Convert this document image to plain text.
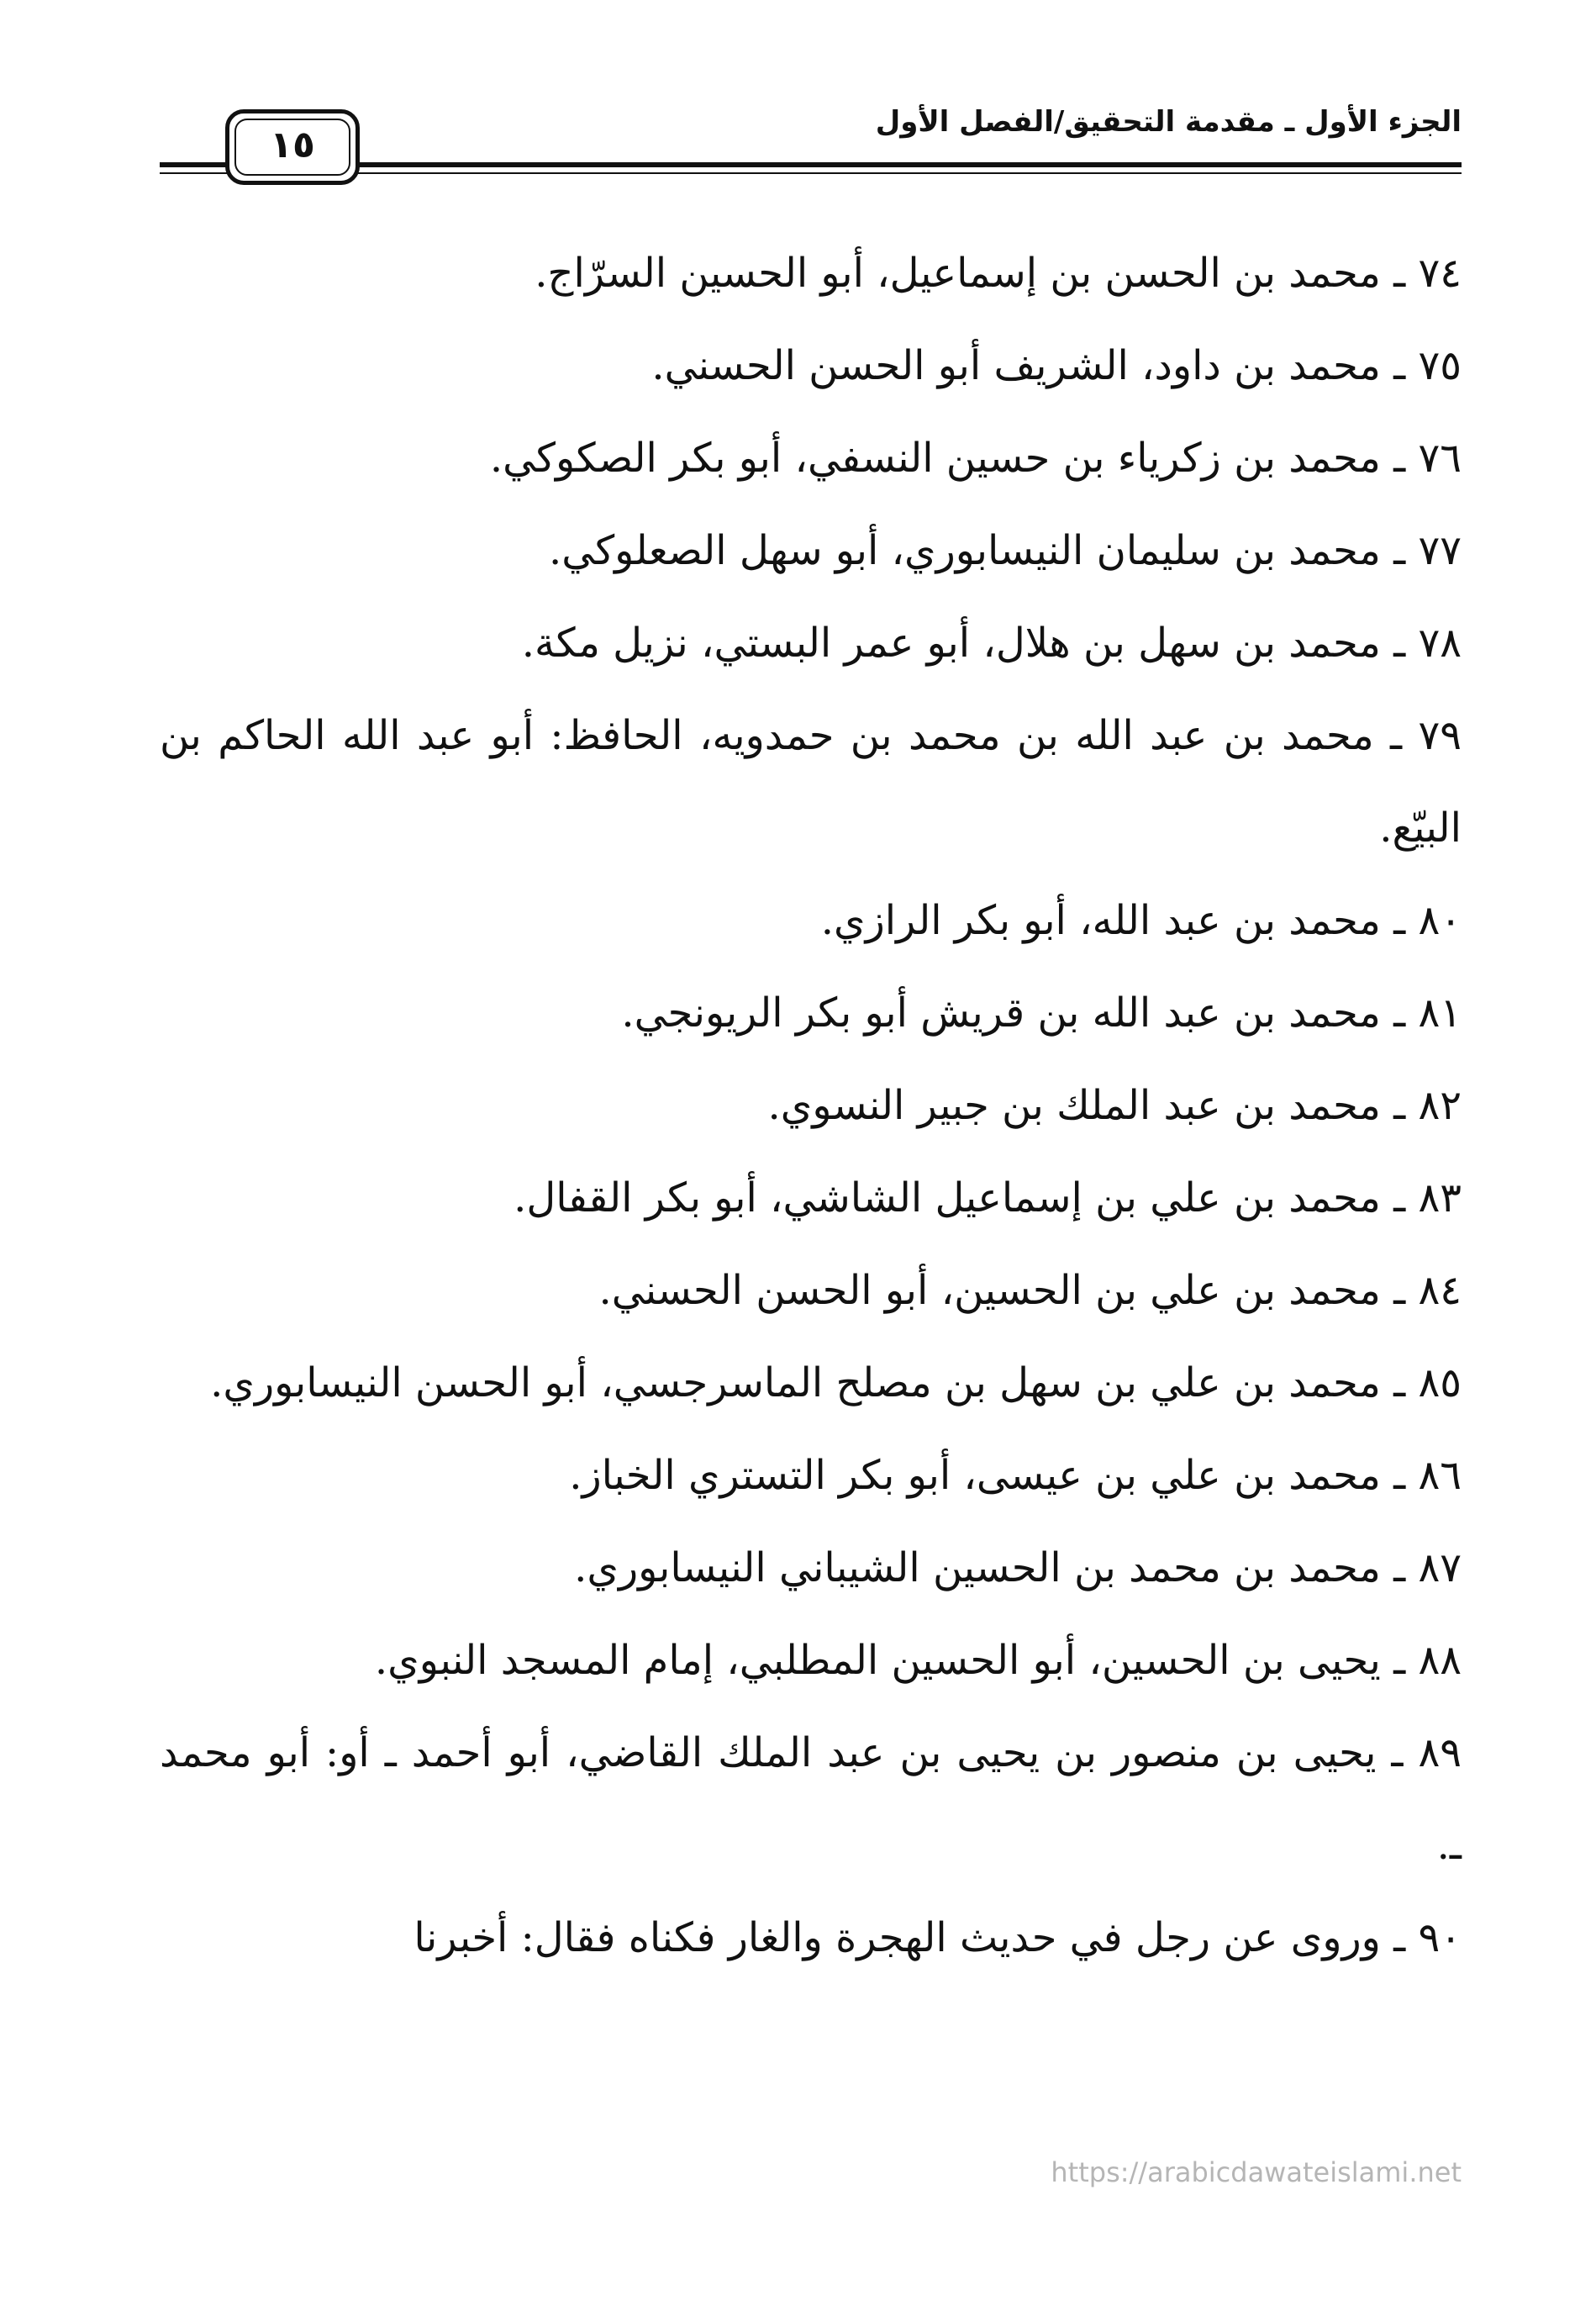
الجزء الأول ـ مقدمة التحقيق/الفصل الأول
١٥
٧٤ ـ محمد بن الحسن بن إسماعيل، أبو الحسين السرّاج.
٧٥ ـ محمد بن داود، الشريف أبو الحسن الحسني.
٧٦ ـ محمد بن زكرياء بن حسين النسفي، أبو بكر الصكوكي.
٧٧ ـ محمد بن سليمان النيسابوري، أبو سهل الصعلوكي.
٧٨ ـ محمد بن سهل بن هلال، أبو عمر البستي، نزيل مكة.
٧٩ ـ محمد بن عبد الله بن محمد بن حمدويه، الحافظ: أبو عبد الله الحاكم بن البيّع.
٨٠ ـ محمد بن عبد الله، أبو بكر الرازي.
٨١ ـ محمد بن عبد الله بن قريش أبو بكر الريونجي.
٨٢ ـ محمد بن عبد الملك بن جبير النسوي.
٨٣ ـ محمد بن علي بن إسماعيل الشاشي، أبو بكر القفال.
٨٤ ـ محمد بن علي بن الحسين، أبو الحسن الحسني.
٨٥ ـ محمد بن علي بن سهل بن مصلح الماسرجسي، أبو الحسن النيسابوري.
٨٦ ـ محمد بن علي بن عيسى، أبو بكر التستري الخباز.
٨٧ ـ محمد بن محمد بن الحسين الشيباني النيسابوري.
٨٨ ـ يحيى بن الحسين، أبو الحسين المطلبي، إمام المسجد النبوي.
٨٩ ـ يحيى بن منصور بن يحيى بن عبد الملك القاضي، أبو أحمد ـ أو: أبو محمد ـ.
٩٠ ـ وروى عن رجل في حديث الهجرة والغار فكناه فقال: أخبرنا
https://arabicdawateislami.net
